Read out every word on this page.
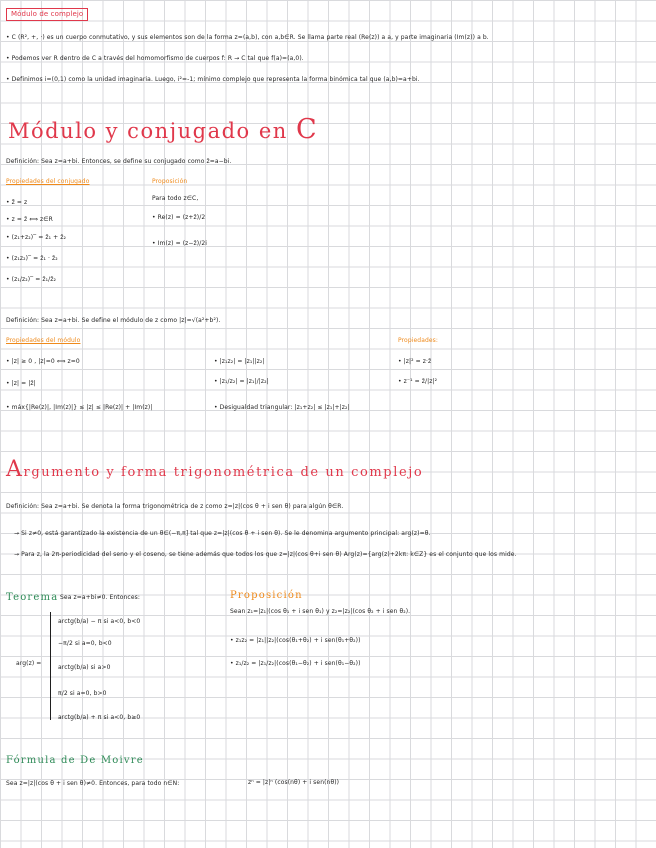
Módulo de complejo
• C (R², +, ·) es un cuerpo conmutativo, y sus elementos son de la forma z=(a,b), con a,b∈R. Se llama parte real (Re(z)) a a, y parte imaginaria (Im(z)) a b.
• Podemos ver R dentro de C a través del homomorfismo de cuerpos f: R → C tal que f(a)=(a,0).
• Definimos i=(0,1) como la unidad imaginaria. Luego, i²=-1; mínimo complejo que representa la forma binómica tal que (a,b)=a+bi.
Módulo y conjugado en C
Definición: Sea z=a+bi. Entonces, se define su conjugado como z̄=a−bi.
Propiedades del conjugado
• z̄̄ = z
• z = z̄ ⟺ z∈R
• (z₁+z₂)‾ = z̄₁ + z̄₂
• (z₁z₂)‾ = z̄₁ · z̄₂
• (z₁/z₂)‾ = z̄₁/z̄₂
Proposición
Para todo z∈C,
• Re(z) = (z+z̄)/2
• Im(z) = (z−z̄)/2i
Definición: Sea z=a+bi. Se define el módulo de z como |z|=√(a²+b²).
Propiedades del módulo
• |z| ≥ 0 , |z|=0 ⟺ z=0
• |z| = |z̄|
• máx{|Re(z)|, |Im(z)|} ≤ |z| ≤ |Re(z)| + |Im(z)|
• |z₁z₂| = |z₁||z₂|
• |z₁/z₂| = |z₁|/|z₂|
• Desigualdad triangular: |z₁+z₂| ≤ |z₁|+|z₂|
Propiedades:
• |z|² = z·z̄
• z⁻¹ = z̄/|z|²
Argumento y forma trigonométrica de un complejo
Definición: Sea z=a+bi. Se denota la forma trigonométrica de z como z=|z|(cos θ + i sen θ) para algún θ∈R.
→ Si z≠0, está garantizado la existencia de un θ∈(−π,π] tal que z=|z|(cos θ + i sen θ). Se le denomina argumento principal: arg(z)=θ.
→ Para z, la 2π-periodicidad del seno y el coseno, se tiene además que todos los que z=|z|(cos θ+i sen θ) Arg(z)={arg(z)+2kπ: k∈Z} es el conjunto que los mide.
Teorema Sea z=a+bi≠0. Entonces:
arg(z) =
arctg(b/a) − π si a<0, b<0
−π/2 si a=0, b<0
arctg(b/a) si a>0
π/2 si a=0, b>0
arctg(b/a) + π si a<0, b≥0
Proposición
Sean z₁=|z₁|(cos θ₁ + i sen θ₁) y z₂=|z₂|(cos θ₂ + i sen θ₂).
• z₁z₂ = |z₁||z₂|(cos(θ₁+θ₂) + i sen(θ₁+θ₂))
• z₁/z₂ = |z₁/z₂|(cos(θ₁−θ₂) + i sen(θ₁−θ₂))
Fórmula de De Moivre
Sea z=|z|(cos θ + i sen θ)≠0. Entonces, para todo n∈N:	zⁿ = |z|ⁿ (cos(nθ) + i sen(nθ))
